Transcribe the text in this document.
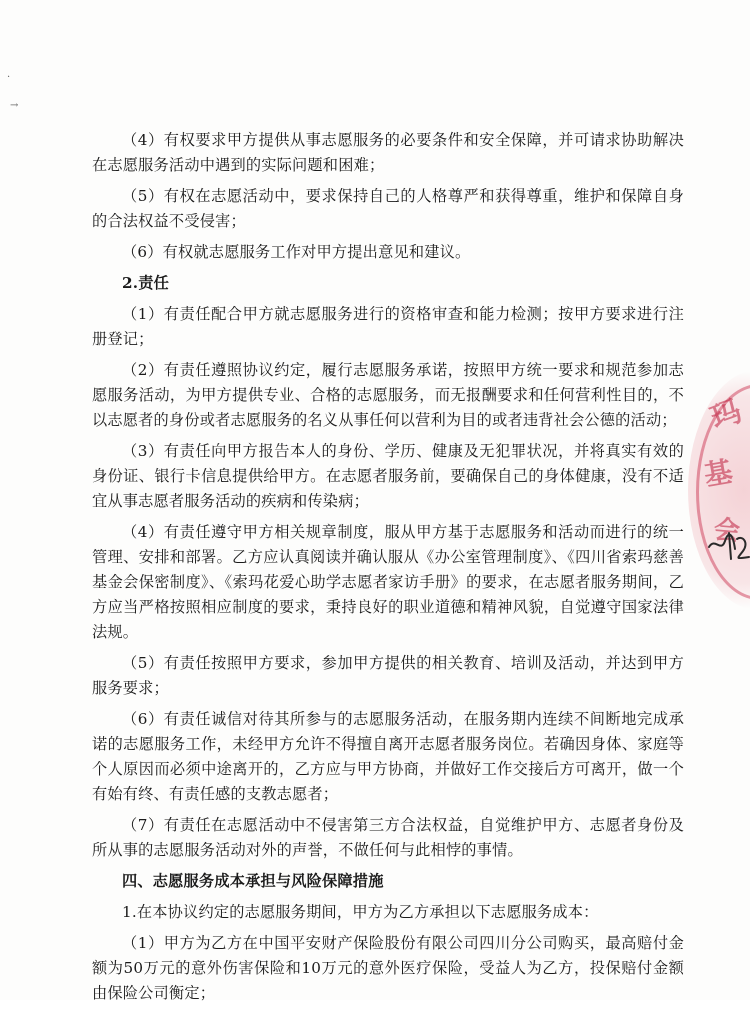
·
→

（4）有权要求甲方提供从事志愿服务的必要条件和安全保障，并可请求协助解决在志愿服务活动中遇到的实际问题和困难；

（5）有权在志愿活动中，要求保持自己的人格尊严和获得尊重，维护和保障自身的合法权益不受侵害；

（6）有权就志愿服务工作对甲方提出意见和建议。

2.责任

（1）有责任配合甲方就志愿服务进行的资格审查和能力检测；按甲方要求进行注册登记；

（2）有责任遵照协议约定，履行志愿服务承诺，按照甲方统一要求和规范参加志愿服务活动，为甲方提供专业、合格的志愿服务，而无报酬要求和任何营利性目的，不以志愿者的身份或者志愿服务的名义从事任何以营利为目的或者违背社会公德的活动；

（3）有责任向甲方报告本人的身份、学历、健康及无犯罪状况，并将真实有效的身份证、银行卡信息提供给甲方。在志愿者服务前，要确保自己的身体健康，没有不适宜从事志愿者服务活动的疾病和传染病；

（4）有责任遵守甲方相关规章制度，服从甲方基于志愿服务和活动而进行的统一管理、安排和部署。乙方应认真阅读并确认服从《办公室管理制度》、《四川省索玛慈善基金会保密制度》、《索玛花爱心助学志愿者家访手册》的要求，在志愿者服务期间，乙方应当严格按照相应制度的要求，秉持良好的职业道德和精神风貌，自觉遵守国家法律法规。

（5）有责任按照甲方要求，参加甲方提供的相关教育、培训及活动，并达到甲方服务要求；

（6）有责任诚信对待其所参与的志愿服务活动，在服务期内连续不间断地完成承诺的志愿服务工作，未经甲方允许不得擅自离开志愿者服务岗位。若确因身体、家庭等个人原因而必须中途离开的，乙方应与甲方协商，并做好工作交接后方可离开，做一个有始有终、有责任感的支教志愿者；

（7）有责任在志愿活动中不侵害第三方合法权益，自觉维护甲方、志愿者身份及所从事的志愿服务活动对外的声誉，不做任何与此相悖的事情。

四、志愿服务成本承担与风险保障措施

1.在本协议约定的志愿服务期间，甲方为乙方承担以下志愿服务成本：

（1）甲方为乙方在中国平安财产保险股份有限公司四川分公司购买，最高赔付金额为50万元的意外伤害保险和10万元的意外医疗保险，受益人为乙方，投保赔付金额由保险公司衡定；

玛
基
会
